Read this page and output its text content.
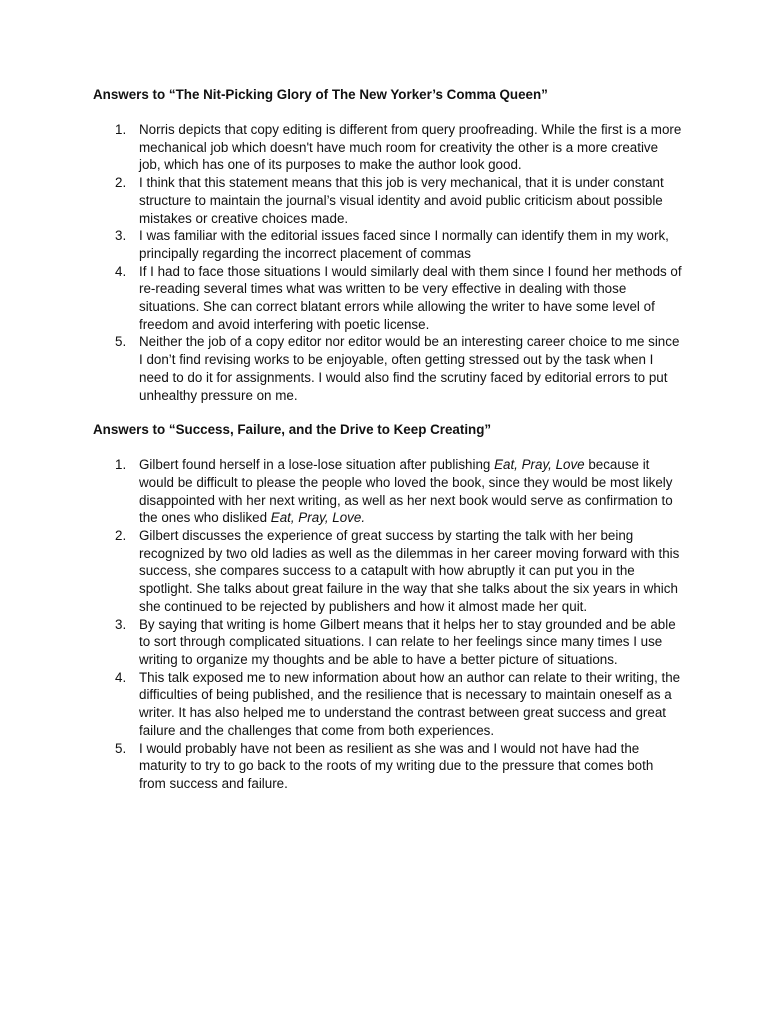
Answers to “The Nit-Picking Glory of The New Yorker’s Comma Queen”

1. Norris depicts that copy editing is different from query proofreading. While the first is a more mechanical job which doesn't have much room for creativity the other is a more creative job, which has one of its purposes to make the author look good.
2. I think that this statement means that this job is very mechanical, that it is under constant structure to maintain the journal’s visual identity and avoid public criticism about possible mistakes or creative choices made.
3. I was familiar with the editorial issues faced since I normally can identify them in my work, principally regarding the incorrect placement of commas
4. If I had to face those situations I would similarly deal with them since I found her methods of re-reading several times what was written to be very effective in dealing with those situations. She can correct blatant errors while allowing the writer to have some level of freedom and avoid interfering with poetic license.
5. Neither the job of a copy editor nor editor would be an interesting career choice to me since I don’t find revising works to be enjoyable, often getting stressed out by the task when I need to do it for assignments. I would also find the scrutiny faced by editorial errors to put unhealthy pressure on me.

Answers to “Success, Failure, and the Drive to Keep Creating”

1. Gilbert found herself in a lose-lose situation after publishing Eat, Pray, Love because it would be difficult to please the people who loved the book, since they would be most likely disappointed with her next writing, as well as her next book would serve as confirmation to the ones who disliked Eat, Pray, Love.
2. Gilbert discusses the experience of great success by starting the talk with her being recognized by two old ladies as well as the dilemmas in her career moving forward with this success, she compares success to a catapult with how abruptly it can put you in the spotlight. She talks about great failure in the way that she talks about the six years in which she continued to be rejected by publishers and how it almost made her quit.
3. By saying that writing is home Gilbert means that it helps her to stay grounded and be able to sort through complicated situations. I can relate to her feelings since many times I use writing to organize my thoughts and be able to have a better picture of situations.
4. This talk exposed me to new information about how an author can relate to their writing, the difficulties of being published, and the resilience that is necessary to maintain oneself as a writer. It has also helped me to understand the contrast between great success and great failure and the challenges that come from both experiences.
5. I would probably have not been as resilient as she was and I would not have had the maturity to try to go back to the roots of my writing due to the pressure that comes both from success and failure.
